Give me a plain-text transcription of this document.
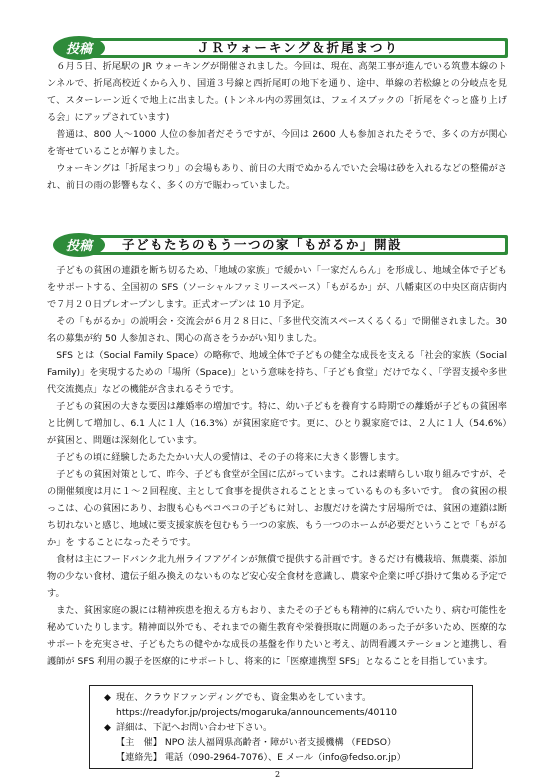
投稿	ＪＲウォーキング＆折尾まつり

６月５日、折尾駅の JR ウォーキングが開催されました。今回は、現在、高架工事が進んでいる筑豊本線のトンネルで、折尾高校近くから入り、国道３号線と西折尾町の地下を通り、途中、単線の若松線との分岐点を見て、スターレーン近くで地上に出ました。(トンネル内の雰囲気は、フェイスブックの「折尾をぐっと盛り上げる会」にアップされています)

普通は、800 人～1000 人位の参加者だそうですが、今回は 2600 人も参加されたそうで、多くの方が関心を寄せていることが解りました。

ウォーキングは「折尾まつり」の会場もあり、前日の大雨でぬかるんでいた会場は砂を入れるなどの整備がされ、前日の雨の影響もなく、多くの方で賑わっていました。

投稿 子どもたちのもう一つの家「もがるか」開設

子どもの貧困の連鎖を断ち切るため、「地域の家族」で緩かい「一家だんらん」を形成し、地域全体で子どもをサポートする、全国初の SFS（ソーシャルファミリースペース）「もがるか」が、八幡東区の中央区商店街内で７月２０日プレオープンします。正式オープンは 10 月予定。

その「もがるか」の説明会・交流会が６月２８日に、「多世代交流スペースくるくる」で開催されました。30 名の募集が約 50 人参加され、関心の高さをうかがい知りました。

SFS とは（Social Family Space）の略称で、地域全体で子どもの健全な成長を支える「社会的家族（Social Family)」を実現するための「場所（Space)」という意味を持ち、「子ども食堂」だけでなく、「学習支援や多世代交流拠点」などの機能が含まれるそうです。

子どもの貧困の大きな要因は離婚率の増加です。特に、幼い子どもを養育する時期での離婚が子どもの貧困率と比例して増加し、6.1 人に１人（16.3%）が貧困家庭です。更に、ひとり親家庭では、２人に１人（54.6%）が貧困と、問題は深刻化しています。

子どもの頃に経験したあたたかい大人の愛情は、その子の将来に大きく影響します。

子どもの貧困対策として、昨今、子ども食堂が全国に広がっています。これは素晴らしい取り組みですが、その開催頻度は月に１～２回程度、主として食事を提供されることとまっているものも多いです。 食の貧困の根っこは、心の貧困にあり、お腹も心もペコペコの子どもに対し、お腹だけを満たす居場所では、貧困の連鎖は断ち切れないと感じ、地域に要支援家族を包むもう一つの家族、もう一つのホームが必要だということで「もがるか」を することになったそうです。

食材は主にフードバンク北九州ライフアゲインが無償で提供する計画です。きるだけ有機栽培、無農薬、添加物の少ない食材、遺伝子組み換えのないものなど安心安全食材を意識し、農家や企業に呼び掛けて集める予定です。

また、貧困家庭の親には精神疾患を抱える方もおり、またその子どもも精神的に病んでいたり、病む可能性を秘めていたりします。精神面以外でも、それまでの衛生教育や栄養摂取に問題のあった子が多いため、医療的なサポートを充実させ、子どもたちの健やかな成長の基盤を作りたいと考え、訪問看護ステーションと連携し、看護師が SFS 利用の親子を医療的にサポートし、将来的に「医療連携型 SFS」となることを目指しています。

◆ 現在、クラウドファンディングでも、資金集めをしています。
https://readyfor.jp/projects/mogaruka/announcements/40110
◆ 詳細は、下記へお問い合わせ下さい。
【主　催】 NPO 法人福岡県高齢者・障がい者支援機構 （FEDSO）
【連絡先】 電話（090-2964-7076）、E メール（info@fedso.or.jp）
2
